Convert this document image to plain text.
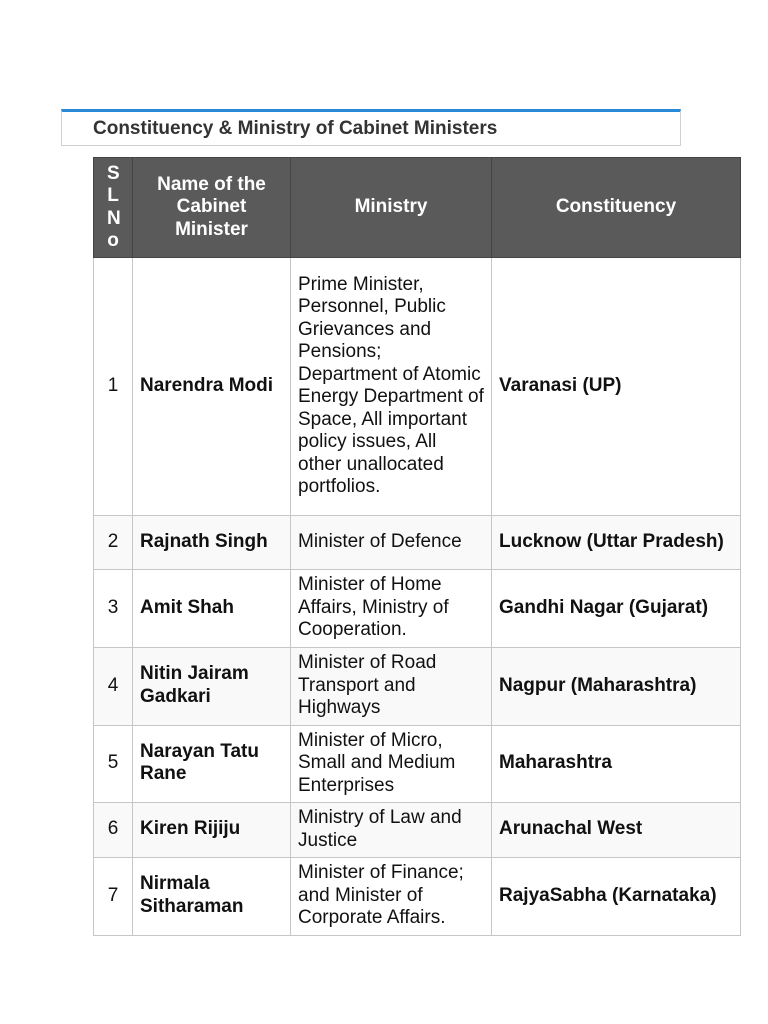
Constituency & Ministry of Cabinet Ministers
SLNo	Name of the Cabinet Minister	Ministry	Constituency
1	Narendra Modi	Prime Minister, Personnel, Public Grievances and Pensions; Department of Atomic Energy Department of Space, All important policy issues, All other unallocated portfolios.	Varanasi (UP)
2	Rajnath Singh	Minister of Defence	Lucknow (Uttar Pradesh)
3	Amit Shah	Minister of Home Affairs, Ministry of Cooperation.	Gandhi Nagar (Gujarat)
4	Nitin Jairam Gadkari	Minister of Road Transport and Highways	Nagpur (Maharashtra)
5	Narayan Tatu Rane	Minister of Micro, Small and Medium Enterprises	Maharashtra
6	Kiren Rijiju	Ministry of Law and Justice	Arunachal West
7	Nirmala Sitharaman	Minister of Finance; and Minister of Corporate Affairs.	RajyaSabha (Karnataka)
